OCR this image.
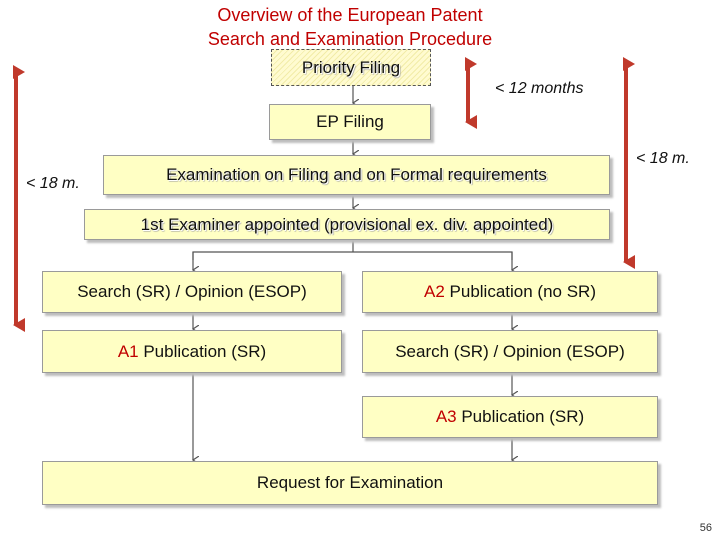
Overview of the European Patent
Search and Examination Procedure
Priority Filing
EP Filing
Examination on Filing and on Formal requirements
1st Examiner appointed (provisional ex. div. appointed)
Search (SR) / Opinion (ESOP)	A2 Publication (no SR)
A1 Publication (SR)	Search (SR) / Opinion (ESOP)
A3 Publication (SR)
Request for Examination
< 12 months
< 18 m.
< 18 m.
56
